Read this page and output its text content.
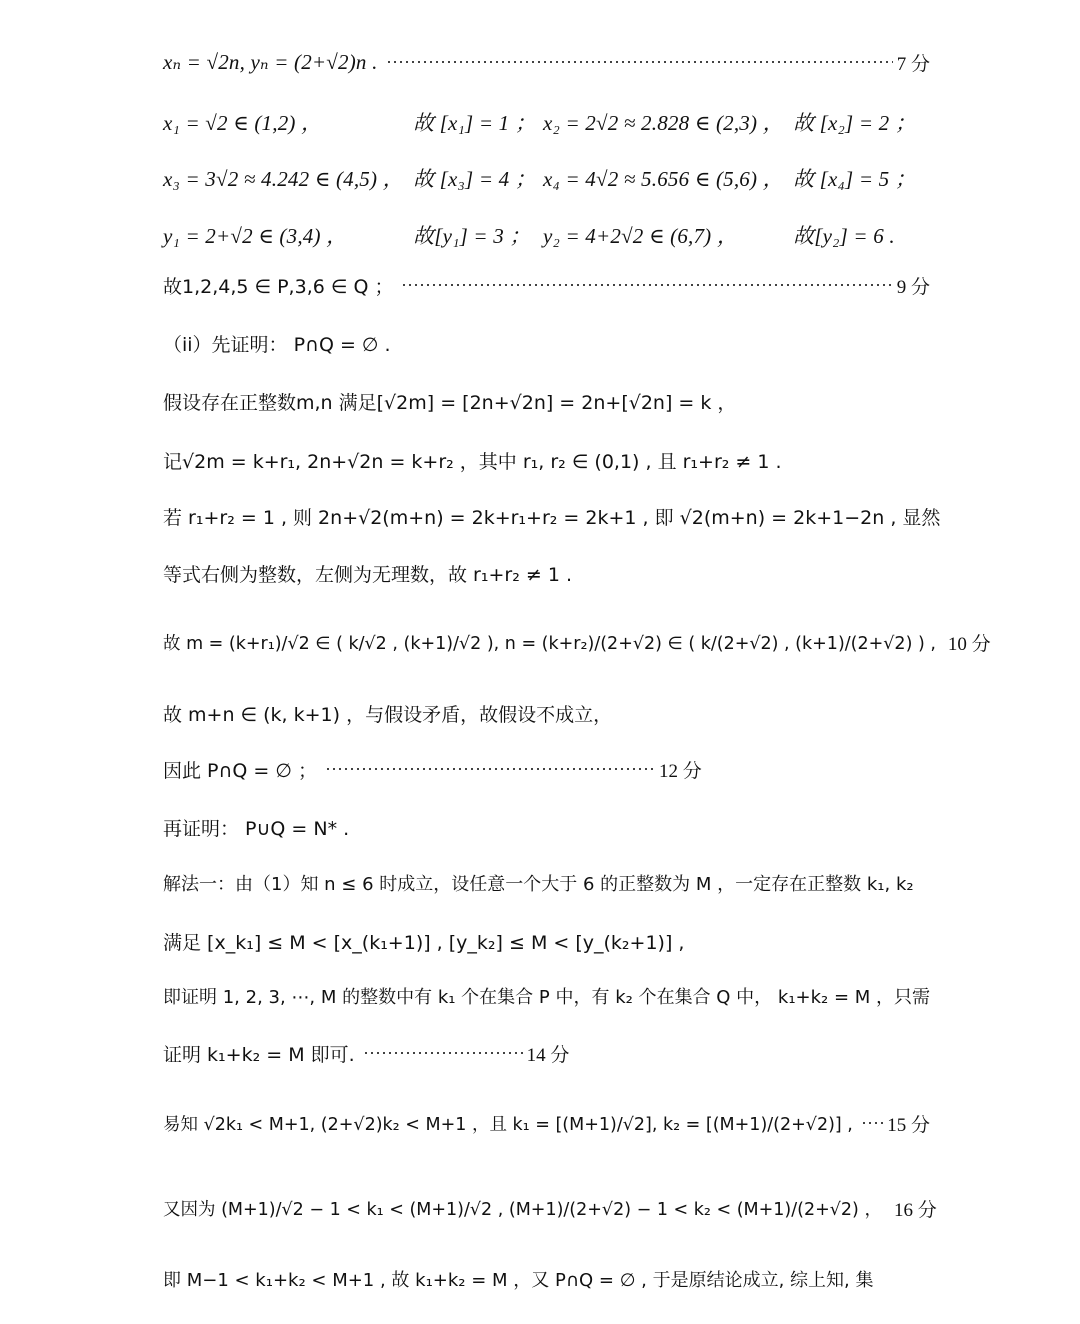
xₙ = √2n, yₙ = (2+√2)n .	7 分
x₁ = √2 ∈ (1,2) ，	故 [x₁] = 1 ； x₂ = 2√2 ≈ 2.828 ∈ (2,3) ， 故 [x₂] = 2 ；
x₃ = 3√2 ≈ 4.242 ∈ (4,5) ， 故 [x₃] = 4 ； x₄ = 4√2 ≈ 5.656 ∈ (5,6) ， 故 [x₄] = 5 ；
y₁ = 2+√2 ∈ (3,4) ，	故[y₁] = 3 ； y₂ = 4+2√2 ∈ (6,7) ，	故[y₂] = 6 .
故1,2,4,5 ∈ P,3,6 ∈ Q ；	9 分
（ii）先证明： P∩Q = ∅ .
假设存在正整数m,n 满足[√2m] = [2n+√2n] = 2n+[√2n] = k ，
记√2m = k+r₁, 2n+√2n = k+r₂ ，其中 r₁, r₂ ∈ (0,1) , 且 r₁+r₂ ≠ 1 .
若 r₁+r₂ = 1 , 则 2n+√2(m+n) = 2k+r₁+r₂ = 2k+1 , 即 √2(m+n) = 2k+1−2n , 显然
等式右侧为整数，左侧为无理数，故 r₁+r₂ ≠ 1 .
故 m = (k+r₁)/√2 ∈ ( k/√2 , (k+1)/√2 ), n = (k+r₂)/(2+√2) ∈ ( k/(2+√2) , (k+1)/(2+√2) ) , 10 分
故 m+n ∈ (k, k+1) ，与假设矛盾，故假设不成立，
因此 P∩Q = ∅ ；	12 分
再证明： P∪Q = N* .
解法一：由（1）知 n ≤ 6 时成立，设任意一个大于 6 的正整数为 M ，一定存在正整数 k₁, k₂
满足 [x_k₁] ≤ M < [x_(k₁+1)] , [y_k₂] ≤ M < [y_(k₂+1)] ,
即证明 1, 2, 3, ⋯, M 的整数中有 k₁ 个在集合 P 中，有 k₂ 个在集合 Q 中， k₁+k₂ = M ，只需
证明 k₁+k₂ = M 即可.	14 分
易知 √2k₁ < M+1, (2+√2)k₂ < M+1 ，且 k₁ = [(M+1)/√2], k₂ = [(M+1)/(2+√2)] , 15 分
又因为 (M+1)/√2 − 1 < k₁ < (M+1)/√2 , (M+1)/(2+√2) − 1 < k₂ < (M+1)/(2+√2) ， 16 分
即 M−1 < k₁+k₂ < M+1 , 故 k₁+k₂ = M ，又 P∩Q = ∅ , 于是原结论成立, 综上知, 集
